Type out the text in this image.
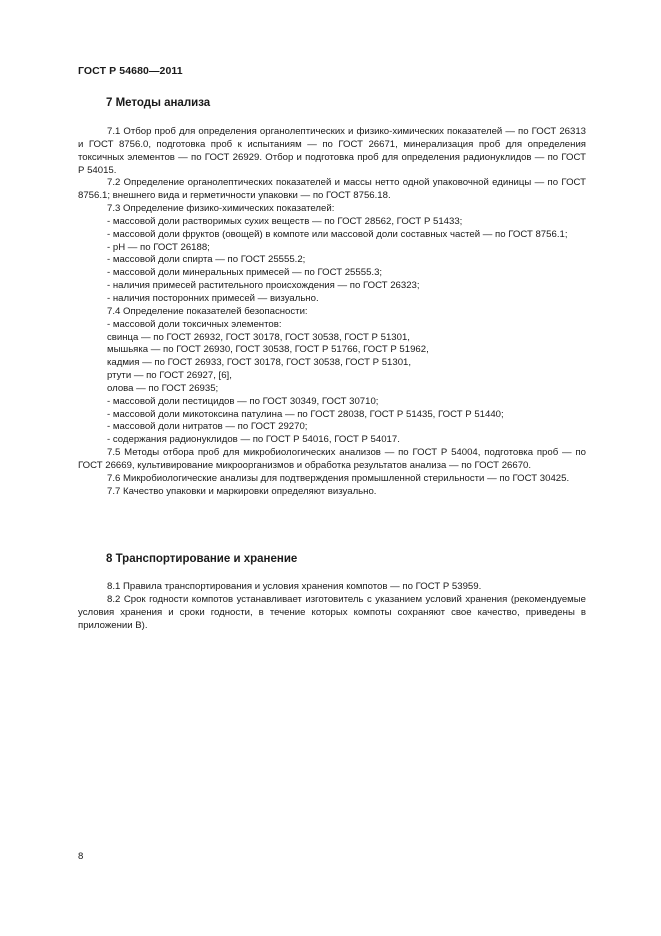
ГОСТ Р 54680—2011
7 Методы анализа

7.1 Отбор проб для определения органолептических и физико-химических показателей — по ГОСТ 26313 и ГОСТ 8756.0, подготовка проб к испытаниям — по ГОСТ 26671, минерализация проб для определения токсичных элементов — по ГОСТ 26929. Отбор и подготовка проб для определения радионуклидов — по ГОСТ Р 54015.

7.2 Определение органолептических показателей и массы нетто одной упаковочной единицы — по ГОСТ 8756.1; внешнего вида и герметичности упаковки — по ГОСТ 8756.18.

7.3 Определение физико-химических показателей:

- массовой доли растворимых сухих веществ — по ГОСТ 28562, ГОСТ Р 51433;

- массовой доли фруктов (овощей) в компоте или массовой доли составных частей — по ГОСТ 8756.1;

- pH — по ГОСТ 26188;

- массовой доли спирта — по ГОСТ 25555.2;

- массовой доли минеральных примесей — по ГОСТ 25555.3;

- наличия примесей растительного происхождения — по ГОСТ 26323;

- наличия посторонних примесей — визуально.

7.4 Определение показателей безопасности:

- массовой доли токсичных элементов:

свинца — по ГОСТ 26932, ГОСТ 30178, ГОСТ 30538, ГОСТ Р 51301,

мышьяка — по ГОСТ 26930, ГОСТ 30538, ГОСТ Р 51766, ГОСТ Р 51962,

кадмия — по ГОСТ 26933, ГОСТ 30178, ГОСТ 30538, ГОСТ Р 51301,

ртути — по ГОСТ 26927, [6],

олова — по ГОСТ 26935;

- массовой доли пестицидов — по ГОСТ 30349, ГОСТ 30710;

- массовой доли микотоксина патулина — по ГОСТ 28038, ГОСТ Р 51435, ГОСТ Р 51440;

- массовой доли нитратов — по ГОСТ 29270;

- содержания радионуклидов — по ГОСТ Р 54016, ГОСТ Р 54017.

7.5 Методы отбора проб для микробиологических анализов — по ГОСТ Р 54004, подготовка проб — по ГОСТ 26669, культивирование микроорганизмов и обработка результатов анализа — по ГОСТ 26670.

7.6 Микробиологические анализы для подтверждения промышленной стерильности — по ГОСТ 30425.

7.7 Качество упаковки и маркировки определяют визуально.

8 Транспортирование и хранение

8.1 Правила транспортирования и условия хранения компотов — по ГОСТ Р 53959.

8.2 Срок годности компотов устанавливает изготовитель с указанием условий хранения (рекомендуемые условия хранения и сроки годности, в течение которых компоты сохраняют свое качество, приведены в приложении В).

8
